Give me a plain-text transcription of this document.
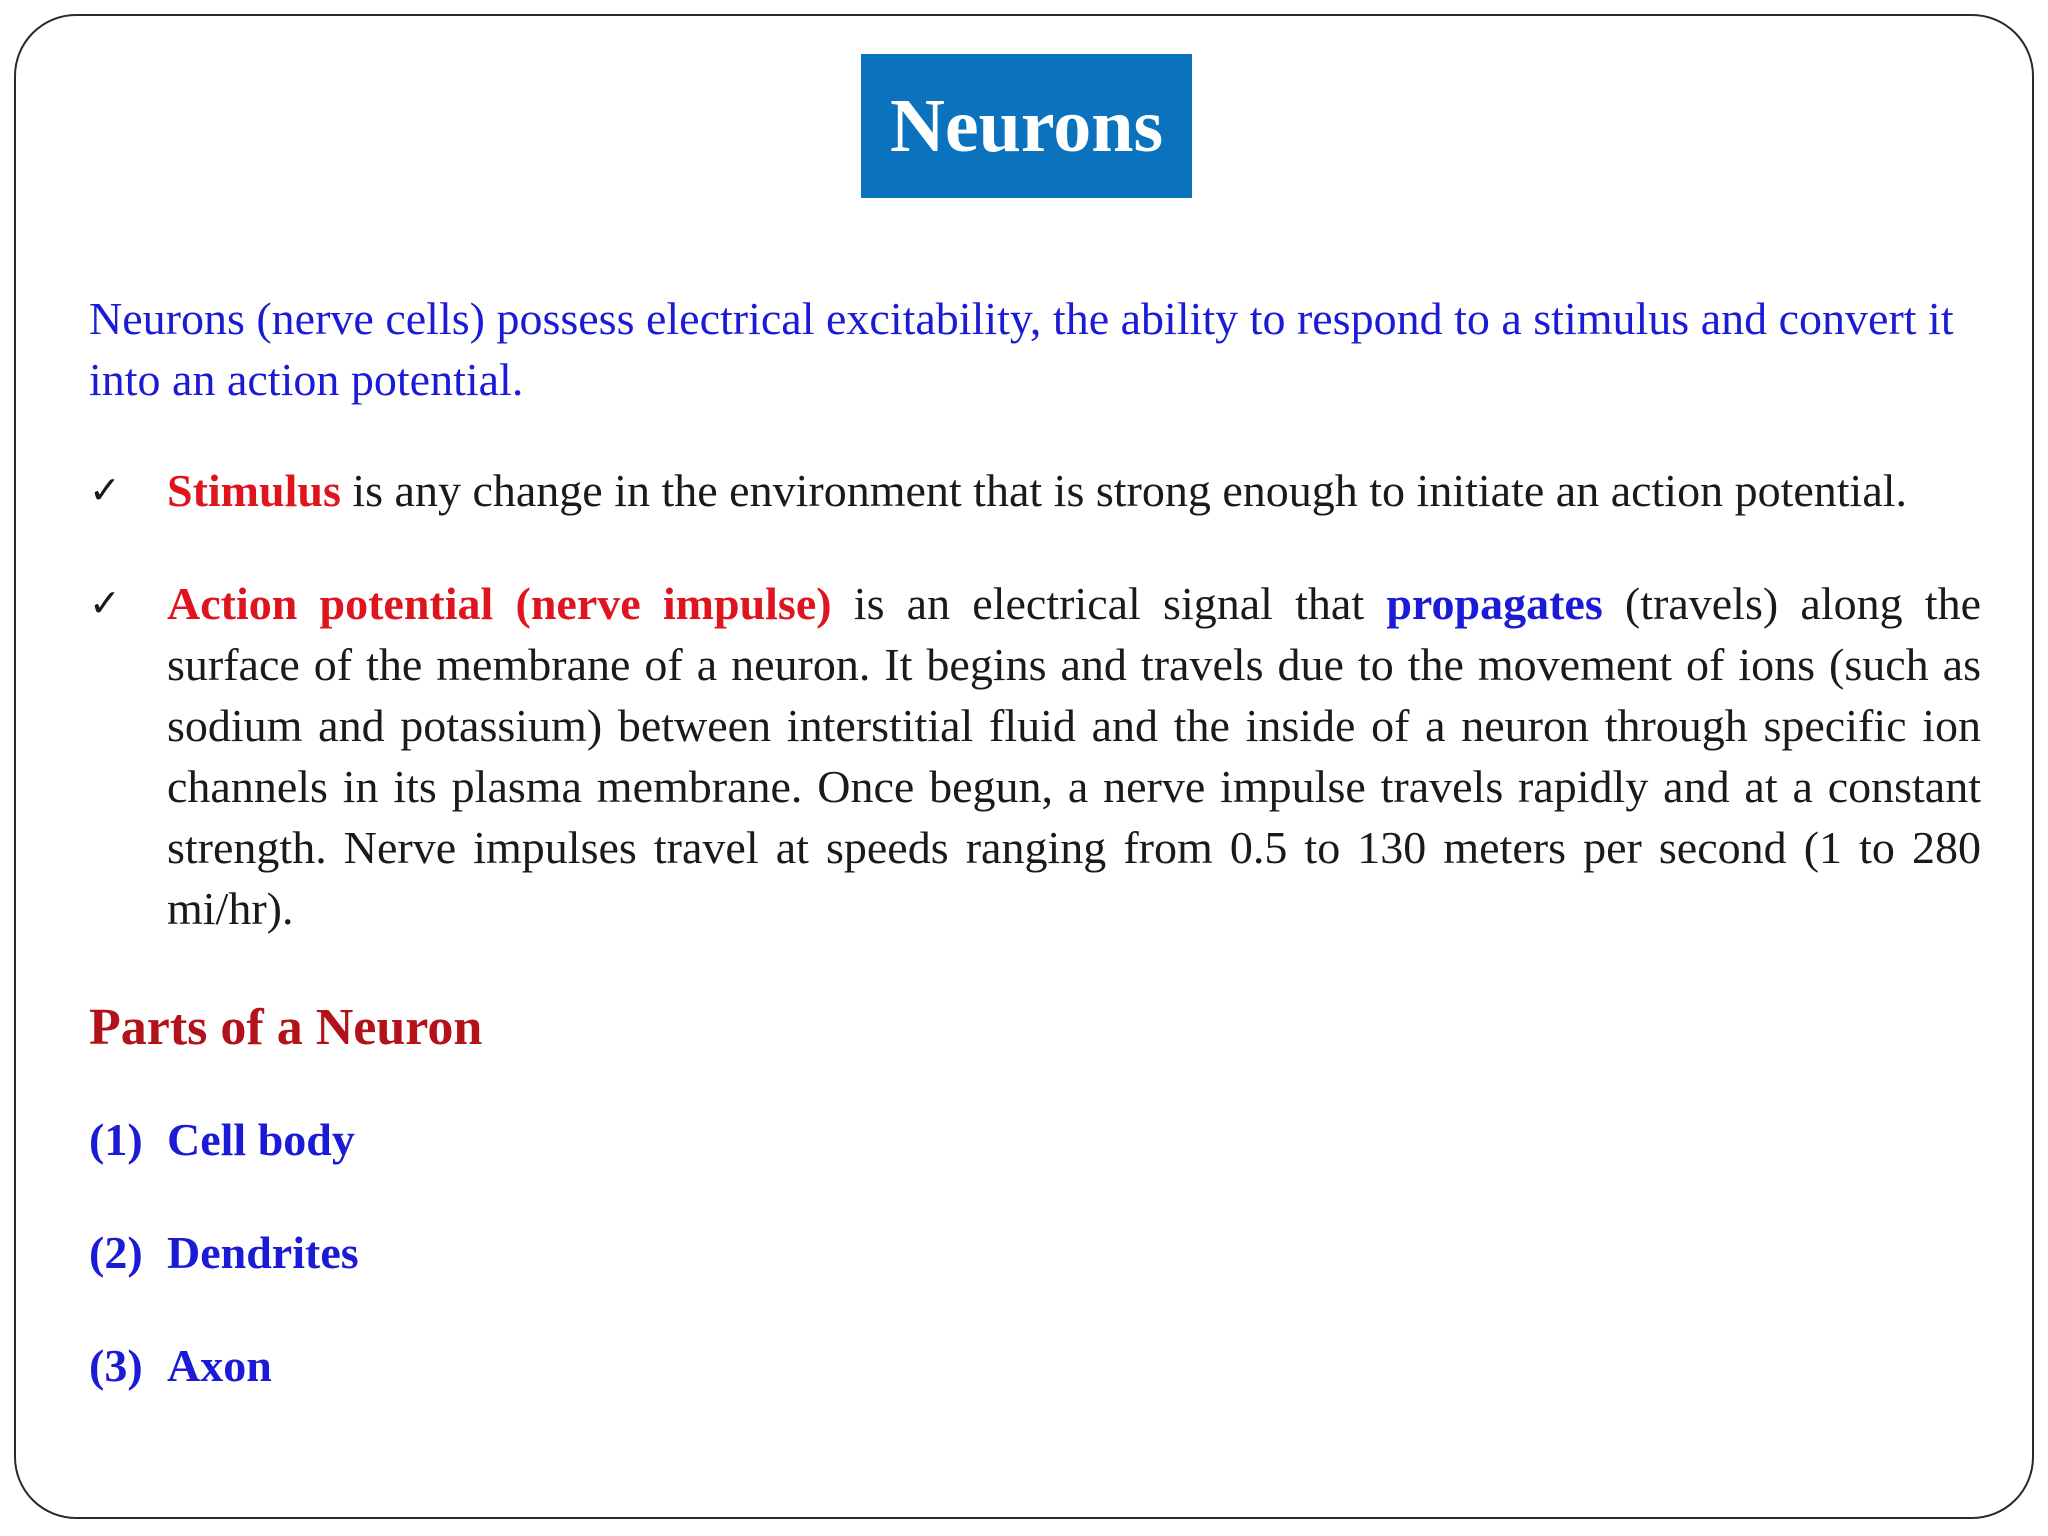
Neurons

Neurons (nerve cells) possess electrical excitability, the ability to respond to a stimulus and convert it into an action potential.

✓ Stimulus is any change in the environment that is strong enough to initiate an action potential.

✓ Action potential (nerve impulse) is an electrical signal that propagates (travels) along the surface of the membrane of a neuron. It begins and travels due to the movement of ions (such as sodium and potassium) between interstitial fluid and the inside of a neuron through specific ion channels in its plasma membrane. Once begun, a nerve impulse travels rapidly and at a constant strength. Nerve impulses travel at speeds ranging from 0.5 to 130 meters per second (1 to 280 mi/hr).

Parts of a Neuron

(1) Cell body

(2) Dendrites

(3) Axon
